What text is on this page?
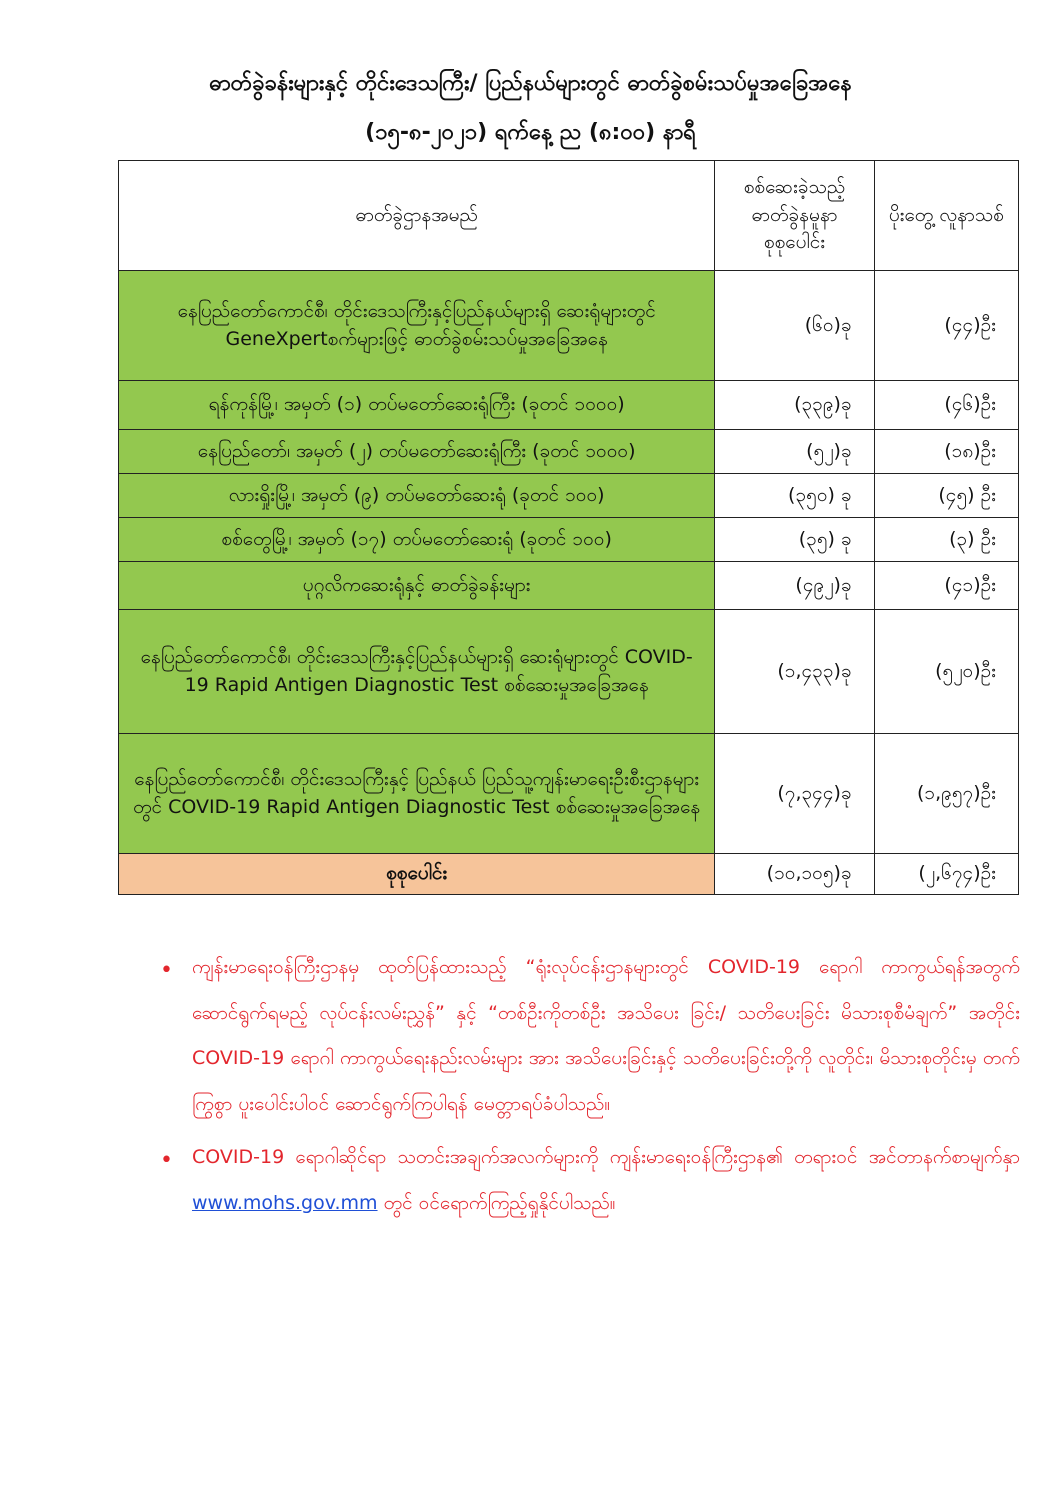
ဓာတ်ခွဲခန်းများနှင့် တိုင်းဒေသကြီး/ ပြည်နယ်များတွင် ဓာတ်ခွဲစမ်းသပ်မှုအခြေအနေ
(၁၅-၈-၂၀၂၁) ရက်နေ့ ည (၈:၀၀) နာရီ
ဓာတ်ခွဲဌာနအမည်	စစ်ဆေးခဲ့သည့် ဓာတ်ခွဲနမူနာ စုစုပေါင်း	ပိုးတွေ့ လူနာသစ်
နေပြည်တော်ကောင်စီ၊ တိုင်းဒေသကြီးနှင့်ပြည်နယ်များရှိ ဆေးရုံများတွင် GeneXpertစက်များဖြင့် ဓာတ်ခွဲစမ်းသပ်မှုအခြေအနေ	(၆၀)ခု	(၄၄)ဦး
ရန်ကုန်မြို့၊ အမှတ် (၁) တပ်မတော်ဆေးရုံကြီး (ခုတင် ၁၀၀၀)	(၃၃၉)ခု	(၄၆)ဦး
နေပြည်တော်၊ အမှတ် (၂) တပ်မတော်ဆေးရုံကြီး (ခုတင် ၁၀၀၀)	(၅၂)ခု	(၁၈)ဦး
လားရှိုးမြို့၊ အမှတ် (၉) တပ်မတော်ဆေးရုံ (ခုတင် ၁၀၀)	(၃၅၀) ခု	(၄၅) ဦး
စစ်တွေမြို့၊ အမှတ် (၁၇) တပ်မတော်ဆေးရုံ (ခုတင် ၁၀၀)	(၃၅) ခု	(၃) ဦး
ပုဂ္ဂလိကဆေးရုံနှင့် ဓာတ်ခွဲခန်းများ	(၄၉၂)ခု	(၄၁)ဦး
နေပြည်တော်ကောင်စီ၊ တိုင်းဒေသကြီးနှင့်ပြည်နယ်များရှိ ဆေးရုံများတွင် COVID-19 Rapid Antigen Diagnostic Test စစ်ဆေးမှုအခြေအနေ	(၁,၄၃၃)ခု	(၅၂၀)ဦး
နေပြည်တော်ကောင်စီ၊ တိုင်းဒေသကြီးနှင့် ပြည်နယ် ပြည်သူ့ကျန်းမာရေးဦးစီးဌာနများတွင် COVID-19 Rapid Antigen Diagnostic Test စစ်ဆေးမှုအခြေအနေ	(၇,၃၄၄)ခု	(၁,၉၅၇)ဦး
စုစုပေါင်း	(၁၀,၁၀၅)ခု	(၂,၆၇၄)ဦး
• ကျန်းမာရေးဝန်ကြီးဌာနမှ ထုတ်ပြန်ထားသည့် “ရုံးလုပ်ငန်းဌာနများတွင် COVID-19 ရောဂါ ကာကွယ်ရန်အတွက် ဆောင်ရွက်ရမည့် လုပ်ငန်းလမ်းညွှန်” နှင့် “တစ်ဦးကိုတစ်ဦး အသိပေး ခြင်း/ သတိပေးခြင်း မိသားစုစီမံချက်” အတိုင်း COVID-19 ရောဂါ ကာကွယ်ရေးနည်းလမ်းများ အား အသိပေးခြင်းနှင့် သတိပေးခြင်းတို့ကို လူတိုင်း၊ မိသားစုတိုင်းမှ တက်ကြွစွာ ပူးပေါင်းပါဝင် ဆောင်ရွက်ကြပါရန် မေတ္တာရပ်ခံပါသည်။
• COVID-19 ရောဂါဆိုင်ရာ သတင်းအချက်အလက်များကို ကျန်းမာရေးဝန်ကြီးဌာန၏ တရားဝင် အင်တာနက်စာမျက်နှာ www.mohs.gov.mm တွင် ဝင်ရောက်ကြည့်ရှုနိုင်ပါသည်။
